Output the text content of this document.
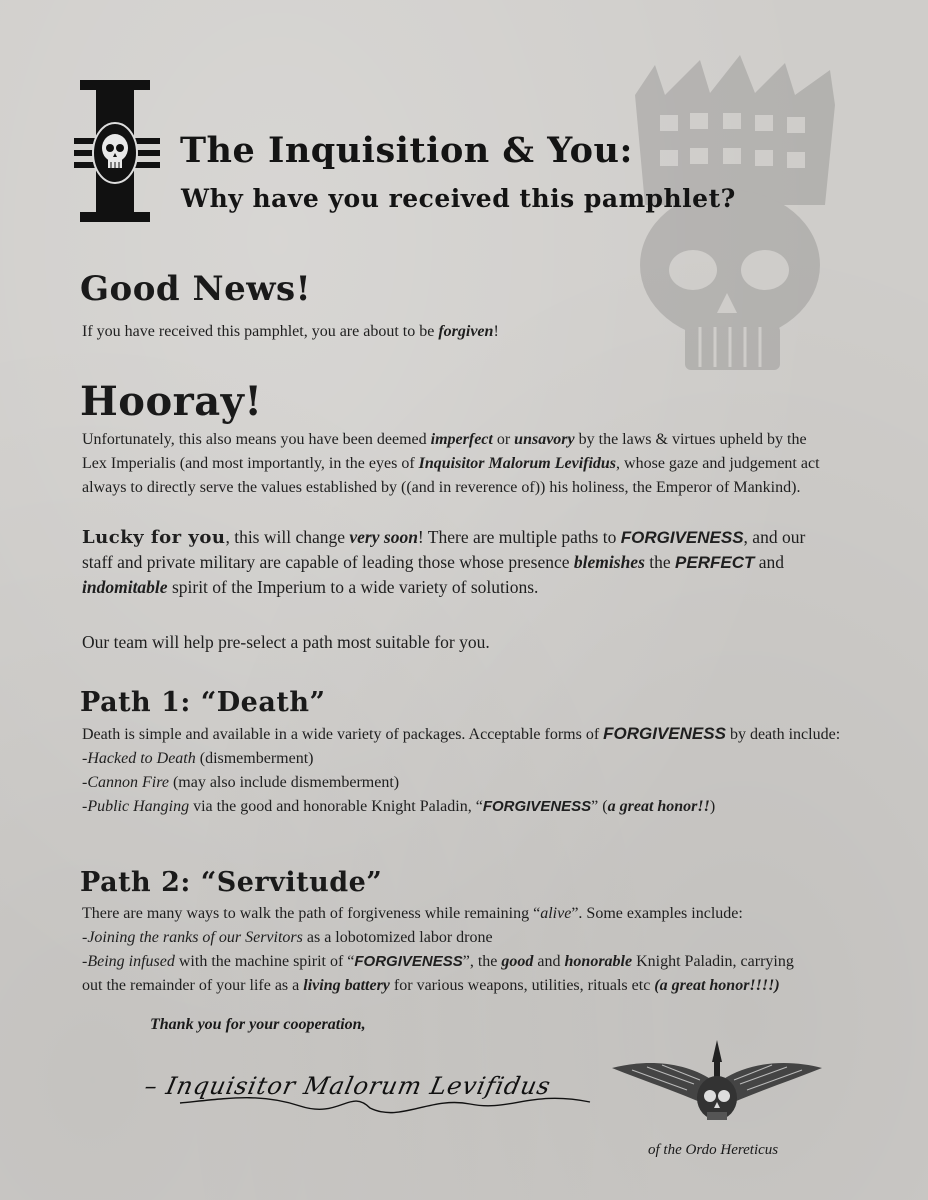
The Inquisition & You:
Why have you received this pamphlet?
Good News!
If you have received this pamphlet, you are about to be forgiven!
Hooray!
Unfortunately, this also means you have been deemed imperfect or unsavory by the laws & virtues upheld by the
Lex Imperialis (and most importantly, in the eyes of Inquisitor Malorum Levifidus, whose gaze and judgement act
always to directly serve the values established by ((and in reverence of)) his holiness, the Emperor of Mankind).
Lucky for you, this will change very soon! There are multiple paths to FORGIVENESS, and our
staff and private military are capable of leading those whose presence blemishes the PERFECT and
indomitable spirit of the Imperium to a wide variety of solutions.
Our team will help pre-select a path most suitable for you.
Path 1: “Death”
Death is simple and available in a wide variety of packages. Acceptable forms of FORGIVENESS by death include:
-Hacked to Death (dismemberment)
-Cannon Fire (may also include dismemberment)
-Public Hanging via the good and honorable Knight Paladin, “FORGIVENESS” (a great honor!!)
Path 2: “Servitude”
There are many ways to walk the path of forgiveness while remaining “alive”. Some examples include:
-Joining the ranks of our Servitors as a lobotomized labor drone
-Being infused with the machine spirit of “FORGIVENESS”, the good and honorable Knight Paladin, carrying
out the remainder of your life as a living battery for various weapons, utilities, rituals etc (a great honor!!!!)
Thank you for your cooperation,
– Inquisitor Malorum Levifidus
of the Ordo Hereticus
